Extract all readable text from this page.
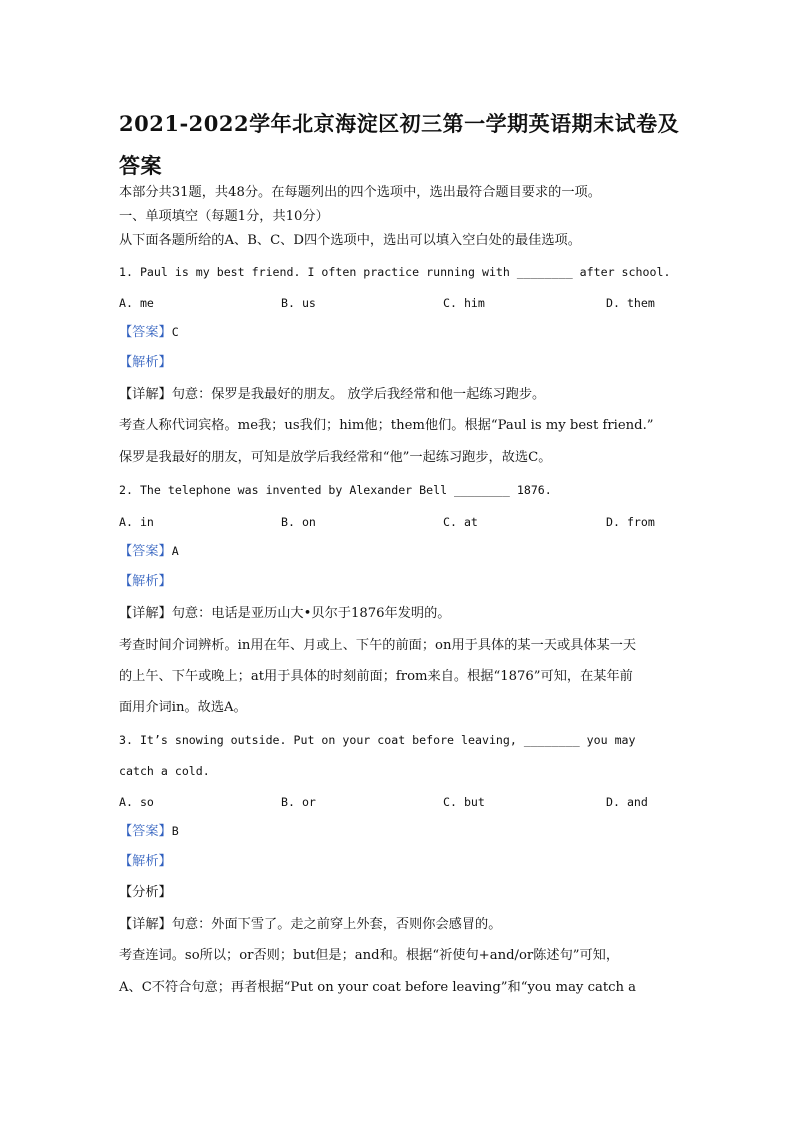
2021-2022学年北京海淀区初三第一学期英语期末试卷及答案
本部分共31题，共48分。在每题列出的四个选项中，选出最符合题目要求的一项。
一、单项填空（每题1分，共10分）
从下面各题所给的A、B、C、D四个选项中，选出可以填入空白处的最佳选项。
1. Paul is my best friend. I often practice running with ________ after school.
A. me	B. us	C. him	D. them
【答案】C
【解析】
【详解】句意：保罗是我最好的朋友。 放学后我经常和他一起练习跑步。
考查人称代词宾格。me我；us我们；him他；them他们。根据“Paul is my best friend.”
保罗是我最好的朋友，可知是放学后我经常和“他”一起练习跑步，故选C。
2. The telephone was invented by Alexander Bell ________ 1876.
A. in	B. on	C. at	D. from
【答案】A
【解析】
【详解】句意：电话是亚历山大•贝尔于1876年发明的。
考查时间介词辨析。in用在年、月或上、下午的前面；on用于具体的某一天或具体某一天
的上午、下午或晚上；at用于具体的时刻前面；from来自。根据“1876”可知，在某年前
面用介词in。故选A。
3. It’s snowing outside. Put on your coat before leaving, ________ you may
catch a cold.
A. so	B. or	C. but	D. and
【答案】B
【解析】
【分析】
【详解】句意：外面下雪了。走之前穿上外套，否则你会感冒的。
考查连词。so所以；or否则；but但是；and和。根据“祈使句+and/or陈述句”可知，
A、C不符合句意；再者根据“Put on your coat before leaving”和“you may catch a
